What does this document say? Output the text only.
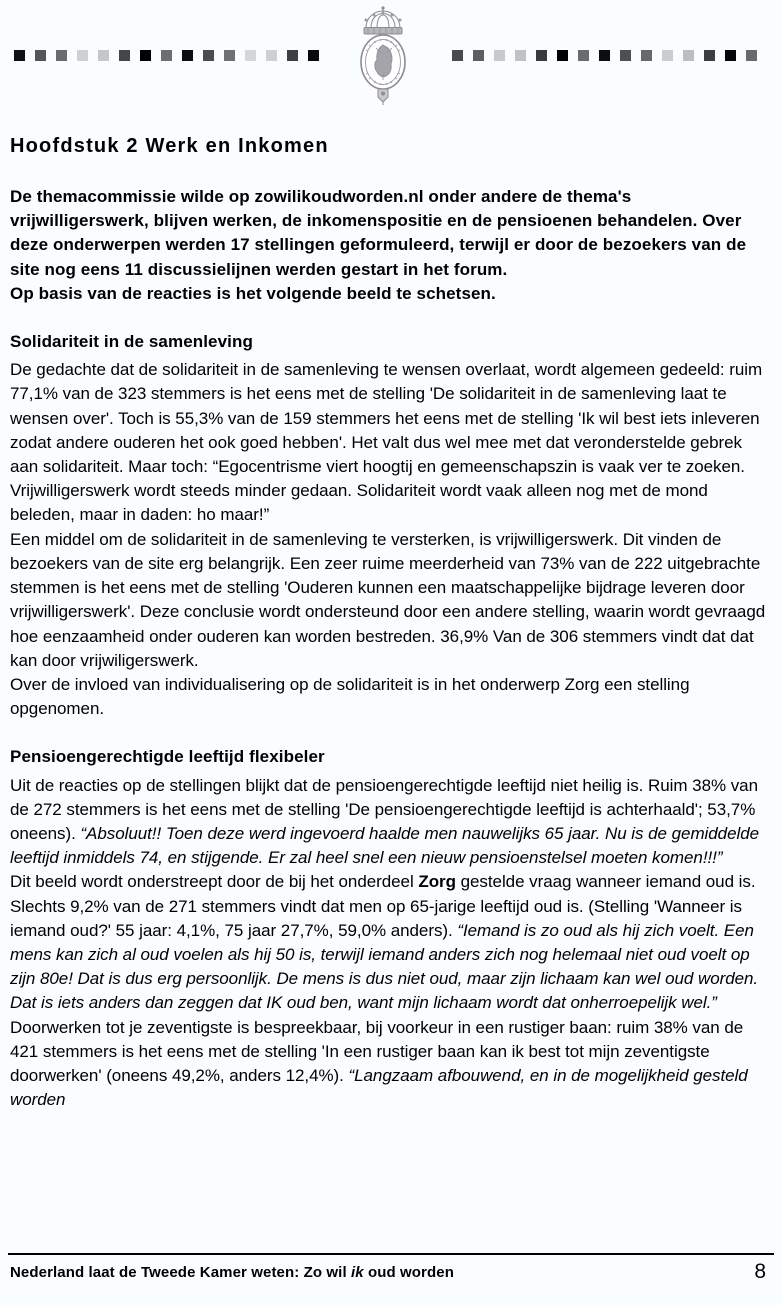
Hoofdstuk 2 Werk en Inkomen

De themacommissie wilde op zowilikoudworden.nl onder andere de thema's vrijwilligerswerk, blijven werken, de inkomenspositie en de pensioenen behandelen. Over deze onderwerpen werden 17 stellingen geformuleerd, terwijl er door de bezoekers van de site nog eens 11 discussielijnen werden gestart in het forum.
Op basis van de reacties is het volgende beeld te schetsen.

Solidariteit in de samenleving

De gedachte dat de solidariteit in de samenleving te wensen overlaat, wordt algemeen gedeeld: ruim 77,1% van de 323 stemmers is het eens met de stelling 'De solidariteit in de samenleving laat te wensen over'. Toch is 55,3% van de 159 stemmers het eens met de stelling 'Ik wil best iets inleveren zodat andere ouderen het ook goed hebben'. Het valt dus wel mee met dat veronderstelde gebrek aan solidariteit. Maar toch: “Egocentrisme viert hoogtij en gemeenschapszin is vaak ver te zoeken. Vrijwilligerswerk wordt steeds minder gedaan. Solidariteit wordt vaak alleen nog met de mond beleden, maar in daden: ho maar!”

Een middel om de solidariteit in de samenleving te versterken, is vrijwilligerswerk. Dit vinden de bezoekers van de site erg belangrijk. Een zeer ruime meerderheid van 73% van de 222 uitgebrachte stemmen is het eens met de stelling 'Ouderen kunnen een maatschappelijke bijdrage leveren door vrijwilligerswerk'. Deze conclusie wordt ondersteund door een andere stelling, waarin wordt gevraagd hoe eenzaamheid onder ouderen kan worden bestreden. 36,9% Van de 306 stemmers vindt dat dat kan door vrijwiligerswerk.

Over de invloed van individualisering op de solidariteit is in het onderwerp Zorg een stelling opgenomen.

Pensioengerechtigde leeftijd flexibeler

Uit de reacties op de stellingen blijkt dat de pensioengerechtigde leeftijd niet heilig is. Ruim 38% van de 272 stemmers is het eens met de stelling 'De pensioengerechtigde leeftijd is achterhaald'; 53,7% oneens). “Absoluut!! Toen deze werd ingevoerd haalde men nauwelijks 65 jaar. Nu is de gemiddelde leeftijd inmiddels 74, en stijgende. Er zal heel snel een nieuw pensioenstelsel moeten komen!!!”

Dit beeld wordt onderstreept door de bij het onderdeel Zorg gestelde vraag wanneer iemand oud is. Slechts 9,2% van de 271 stemmers vindt dat men op 65-jarige leeftijd oud is. (Stelling 'Wanneer is iemand oud?' 55 jaar: 4,1%, 75 jaar 27,7%, 59,0% anders). “Iemand is zo oud als hij zich voelt. Een mens kan zich al oud voelen als hij 50 is, terwijl iemand anders zich nog helemaal niet oud voelt op zijn 80e! Dat is dus erg persoonlijk. De mens is dus niet oud, maar zijn lichaam kan wel oud worden. Dat is iets anders dan zeggen dat IK oud ben, want mijn lichaam wordt dat onherroepelijk wel.”

Doorwerken tot je zeventigste is bespreekbaar, bij voorkeur in een rustiger baan: ruim 38% van de 421 stemmers is het eens met de stelling 'In een rustiger baan kan ik best tot mijn zeventigste doorwerken' (oneens 49,2%, anders 12,4%). “Langzaam afbouwend, en in de mogelijkheid gesteld worden

Nederland laat de Tweede Kamer weten: Zo wil ik oud worden	8
